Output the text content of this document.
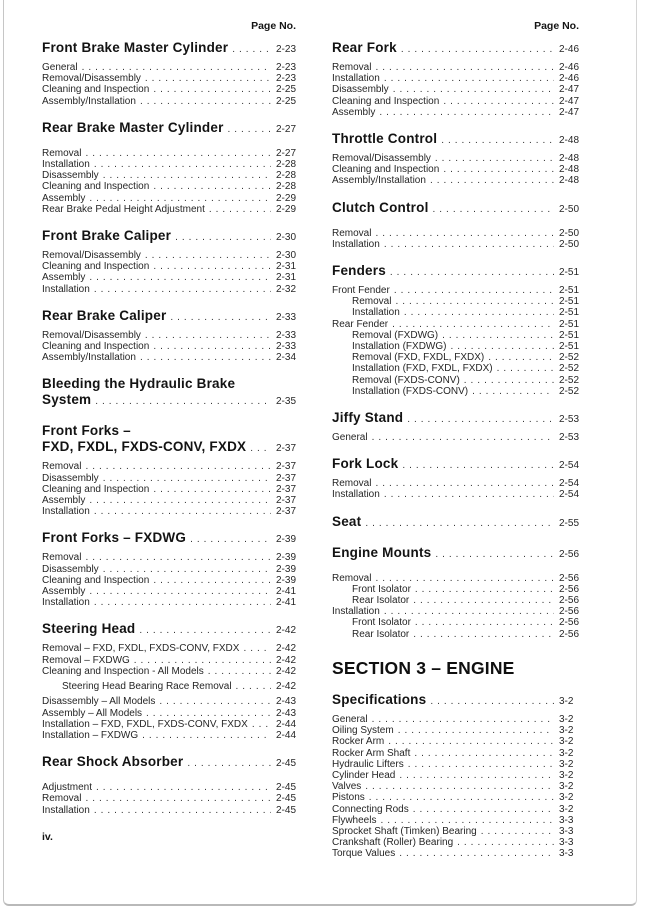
Page No.
Front Brake Master Cylinder . . .	2-23
General . . .	2-23
Removal/Disassembly . . .	2-23
Cleaning and Inspection . . .	2-25
Assembly/Installation . . .	2-25
Rear Brake Master Cylinder . . .	2-27
Removal . . .	2-27
Installation . . .	2-28
Disassembly . . .	2-28
Cleaning and Inspection . . .	2-28
Assembly . . .	2-29
Rear Brake Pedal Height Adjustment . . .	2-29
Front Brake Caliper . . .	2-30
Removal/Disassembly . . .	2-30
Cleaning and Inspection . . .	2-31
Assembly . . .	2-31
Installation . . .	2-32
Rear Brake Caliper . . .	2-33
Removal/Disassembly . . .	2-33
Cleaning and Inspection . . .	2-33
Assembly/Installation . . .	2-34
Bleeding the Hydraulic Brake
System . . .	2-35
Front Forks –
FXD, FXDL, FXDS-CONV, FXDX . . .	2-37
Removal . . .	2-37
Disassembly . . .	2-37
Cleaning and Inspection . . .	2-37
Assembly . . .	2-37
Installation . . .	2-37
Front Forks – FXDWG . . .	2-39
Removal . . .	2-39
Disassembly . . .	2-39
Cleaning and Inspection . . .	2-39
Assembly . . .	2-41
Installation . . .	2-41
Steering Head . . .	2-42
Removal – FXD, FXDL, FXDS-CONV, FXDX . . .	2-42
Removal – FXDWG . . .	2-42
Cleaning and Inspection - All Models . . .	2-42
Steering Head Bearing Race Removal . . .	2-42
Disassembly – All Models . . .	2-43
Assembly – All Models . . .	2-43
Installation – FXD, FXDL, FXDS-CONV, FXDX . . .	2-44
Installation – FXDWG . . .	2-44
Rear Shock Absorber . . .	2-45
Adjustment . . .	2-45
Removal . . .	2-45
Installation . . .	2-45
iv.
Page No.
Rear Fork . . .	2-46
Removal . . .	2-46
Installation . . .	2-46
Disassembly . . .	2-47
Cleaning and Inspection . . .	2-47
Assembly . . .	2-47
Throttle Control . . .	2-48
Removal/Disassembly . . .	2-48
Cleaning and Inspection . . .	2-48
Assembly/Installation . . .	2-48
Clutch Control . . .	2-50
Removal . . .	2-50
Installation . . .	2-50
Fenders . . .	2-51
Front Fender . . .	2-51
Removal . . .	2-51
Installation . . .	2-51
Rear Fender . . .	2-51
Removal (FXDWG) . . .	2-51
Installation (FXDWG) . . .	2-51
Removal (FXD, FXDL, FXDX) . . .	2-52
Installation (FXD, FXDL, FXDX) . . .	2-52
Removal (FXDS-CONV) . . .	2-52
Installation (FXDS-CONV) . . .	2-52
Jiffy Stand . . .	2-53
General . . .	2-53
Fork Lock . . .	2-54
Removal . . .	2-54
Installation . . .	2-54
Seat . . .	2-55
Engine Mounts . . .	2-56
Removal . . .	2-56
Front Isolator . . .	2-56
Rear Isolator . . .	2-56
Installation . . .	2-56
Front Isolator . . .	2-56
Rear Isolator . . .	2-56
SECTION 3 – ENGINE
Specifications . . .	3-2
General . . .	3-2
Oiling System . . .	3-2
Rocker Arm . . .	3-2
Rocker Arm Shaft . . .	3-2
Hydraulic Lifters . . .	3-2
Cylinder Head . . .	3-2
Valves . . .	3-2
Pistons . . .	3-2
Connecting Rods . . .	3-2
Flywheels . . .	3-3
Sprocket Shaft (Timken) Bearing . . .	3-3
Crankshaft (Roller) Bearing . . .	3-3
Torque Values . . .	3-3
